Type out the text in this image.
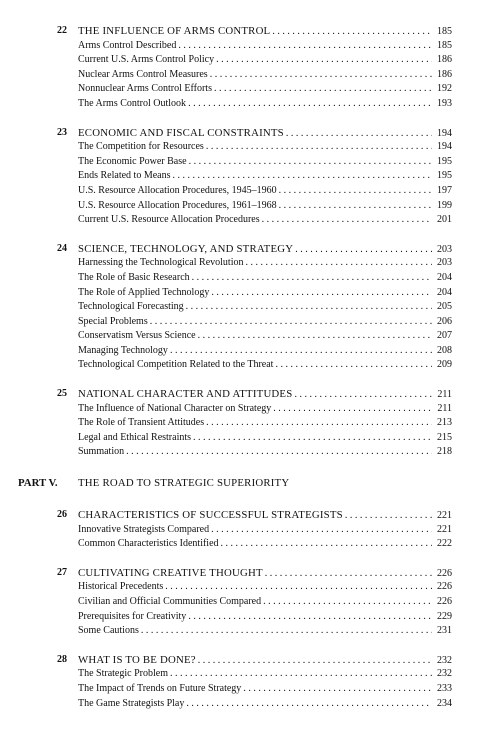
22 THE INFLUENCE OF ARMS CONTROL . . .	185
Arms Control Described . . .	185
Current U.S. Arms Control Policy . . .	186
Nuclear Arms Control Measures . . .	186
Nonnuclear Arms Control Efforts . . .	192
The Arms Control Outlook . . .	193
23 ECONOMIC AND FISCAL CONSTRAINTS . . .	194
The Competition for Resources . . .	194
The Economic Power Base . . .	195
Ends Related to Means . . .	195
U.S. Resource Allocation Procedures, 1945–1960 . . .	197
U.S. Resource Allocation Procedures, 1961–1968 . . .	199
Current U.S. Resource Allocation Procedures . . .	201
24 SCIENCE, TECHNOLOGY, AND STRATEGY . . .	203
Harnessing the Technological Revolution . . .	203
The Role of Basic Research . . .	204
The Role of Applied Technology . . .	204
Technological Forecasting . . .	205
Special Problems . . .	206
Conservatism Versus Science . . .	207
Managing Technology . . .	208
Technological Competition Related to the Threat . . .	209
25 NATIONAL CHARACTER AND ATTITUDES . . .	211
The Influence of National Character on Strategy . . .	211
The Role of Transient Attitudes . . .	213
Legal and Ethical Restraints . . .	215
Summation . . .	218
PART V. THE ROAD TO STRATEGIC SUPERIORITY
26 CHARACTERISTICS OF SUCCESSFUL STRATEGISTS . . .	221
Innovative Strategists Compared . . .	221
Common Characteristics Identified . . .	222
27 CULTIVATING CREATIVE THOUGHT . . .	226
Historical Precedents . . .	226
Civilian and Official Communities Compared . . .	226
Prerequisites for Creativity . . .	229
Some Cautions . . .	231
28 WHAT IS TO BE DONE? . . .	232
The Strategic Problem . . .	232
The Impact of Trends on Future Strategy . . .	233
The Game Strategists Play . . .	234
